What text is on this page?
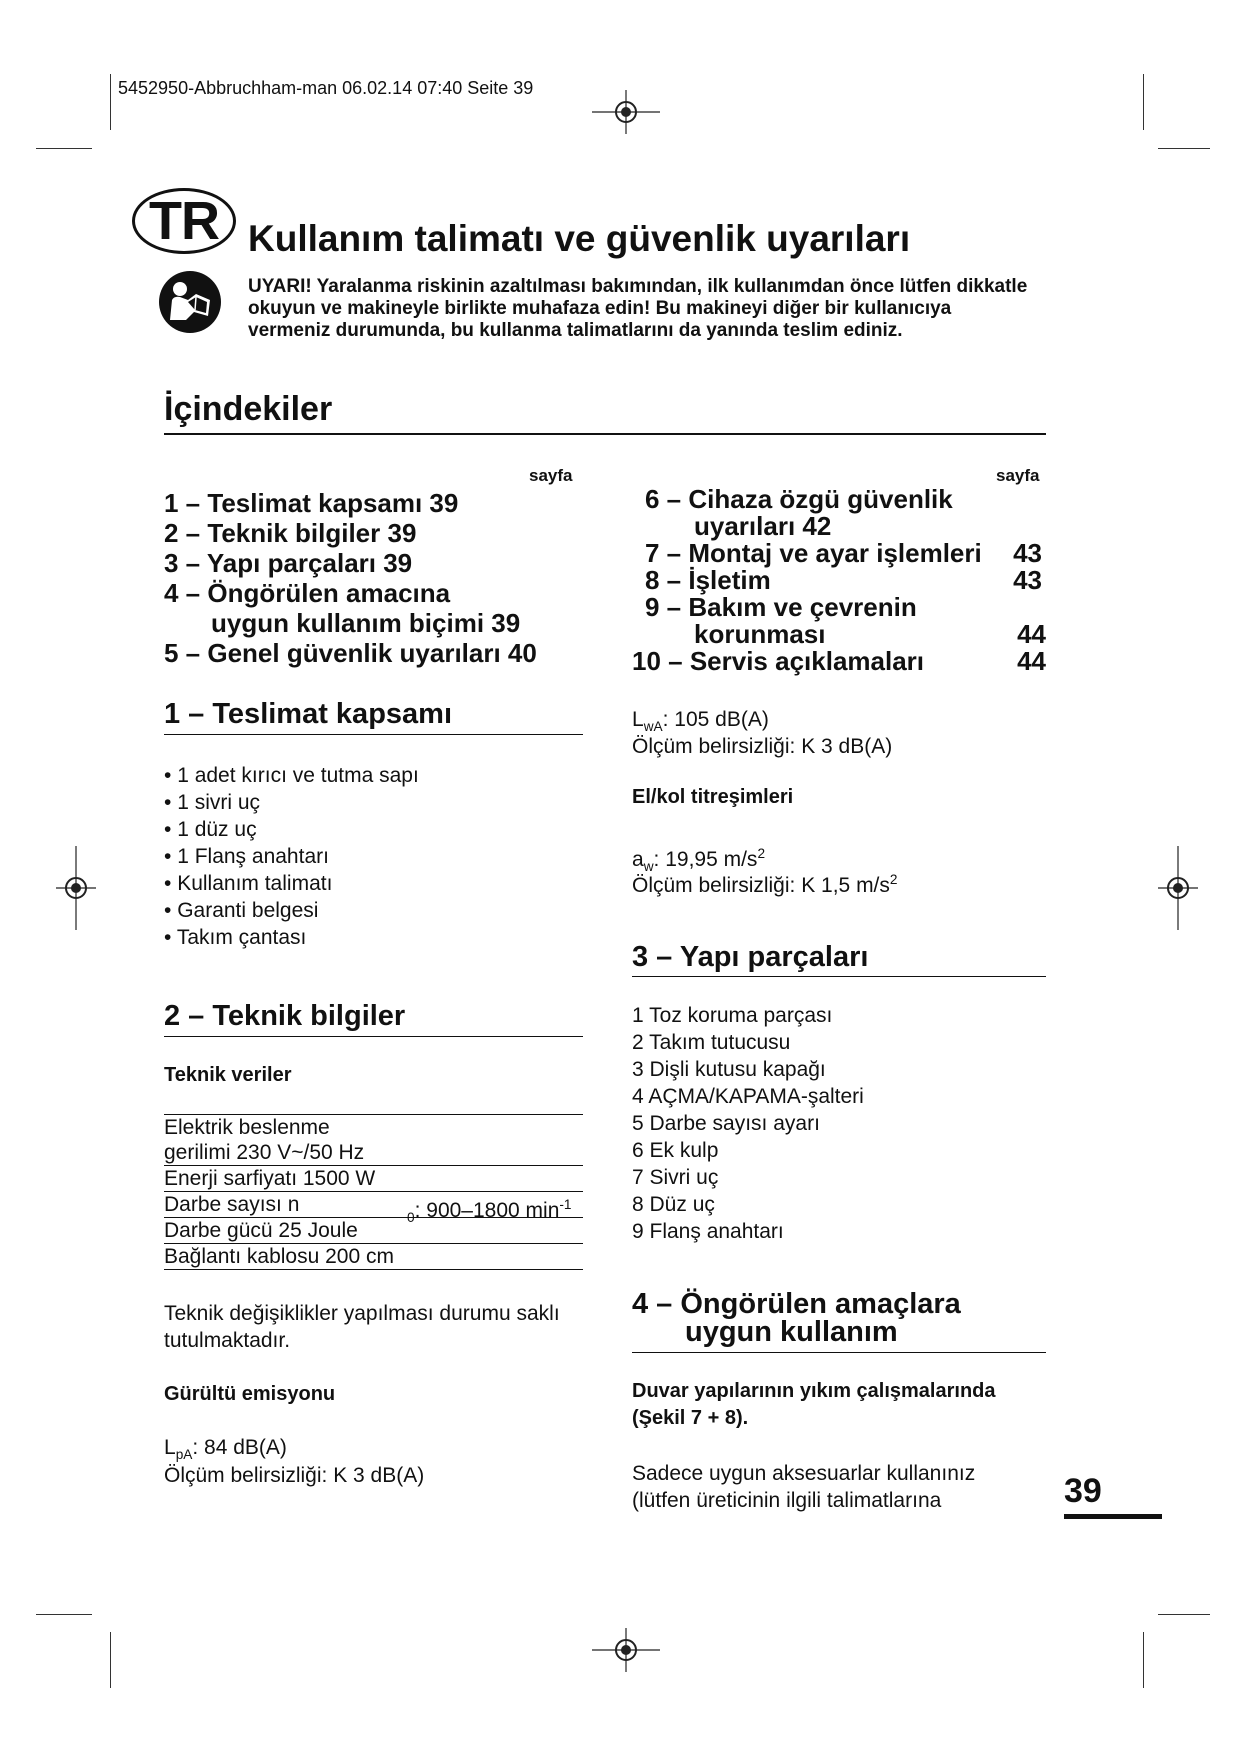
5452950-Abbruchham-man 06.02.14 07:40 Seite 39
TR Kullanım talimatı ve güvenlik uyarıları
UYARI! Yaralanma riskinin azaltılması bakımından, ilk kullanımdan önce lütfen dikkatle okuyun ve makineyle birlikte muhafaza edin! Bu makineyi diğer bir kullanıcıya vermeniz durumunda, bu kullanma talimatlarını da yanında teslim ediniz.
İçindekiler
sayfa	sayfa
1 – Teslimat kapsamı 39
2 – Teknik bilgiler 39
3 – Yapı parçaları 39
4 – Öngörülen amacına
uygun kullanım biçimi 39
5 – Genel güvenlik uyarıları 40
6 – Cihaza özgü güvenlik
uyarıları 42
7 – Montaj ve ayar işlemleri 43
8 – İşletim	43
9 – Bakım ve çevrenin
korunması	44
10 – Servis açıklamaları	44
1 – Teslimat kapsamı
• 1 adet kırıcı ve tutma sapı
• 1 sivri uç
• 1 düz uç
• 1 Flanş anahtarı
• Kullanım talimatı
• Garanti belgesi
• Takım çantası
2 – Teknik bilgiler
Teknik veriler
Elektrik beslenme
gerilimi 230 V~/50 Hz

Enerji sarfiyatı 1500 W
Darbe sayısı n
$_0$: 900–1800 $\min^{-1}$

Darbe gücü 25 Joule
Bağlantı kablosu 200 cm
Teknik değişiklikler yapılması durumu saklı tutulmaktadır.
Gürültü emisyonu
$L_{pA}$: 84 dB(A)
Ölçüm belirsizliği: K 3 dB(A)
$L_{wA}$: 105 dB(A)
Ölçüm belirsizliği: K 3 dB(A)
El/kol titreşimleri
$a_w$: 19,95 $m/s^2$
Ölçüm belirsizliği: K 1,5 $m/s^2$
3 – Yapı parçaları
1 Toz koruma parçası
2 Takım tutucusu
3 Dişli kutusu kapağı
4 AÇMA/KAPAMA-şalteri
5 Darbe sayısı ayarı
6 Ek kulp
7 Sivri uç
8 Düz uç
9 Flanş anahtarı
4 – Öngörülen amaçlara
uygun kullanım
Duvar yapılarının yıkım çalışmalarında (Şekil 7 + 8).
Sadece uygun aksesuarlar kullanınız
(lütfen üreticinin ilgili talimatlarına	39
